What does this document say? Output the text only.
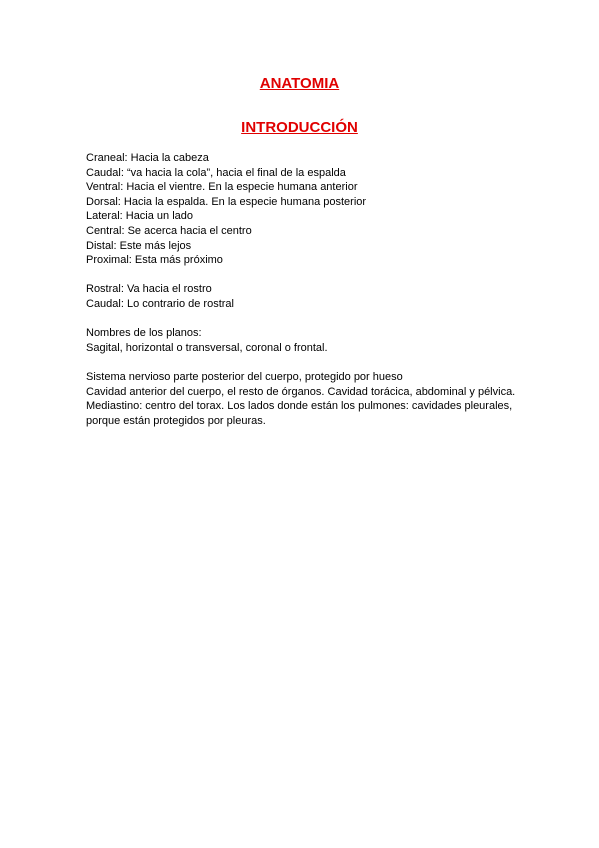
ANATOMIA
INTRODUCCIÓN

Craneal: Hacia la cabeza
Caudal: “va hacia la cola”, hacia el final de la espalda
Ventral: Hacia el vientre. En la especie humana anterior
Dorsal: Hacia la espalda. En la especie humana posterior
Lateral: Hacia un lado
Central: Se acerca hacia el centro
Distal: Este más lejos
Proximal: Esta más próximo

Rostral: Va hacia el rostro
Caudal: Lo contrario de rostral

Nombres de los planos:
Sagital, horizontal o transversal, coronal o frontal.

Sistema nervioso parte posterior del cuerpo, protegido por hueso
Cavidad anterior del cuerpo, el resto de órganos. Cavidad torácica, abdominal y pélvica.
Mediastino: centro del torax. Los lados donde están los pulmones: cavidades pleurales,
porque están protegidos por pleuras.
